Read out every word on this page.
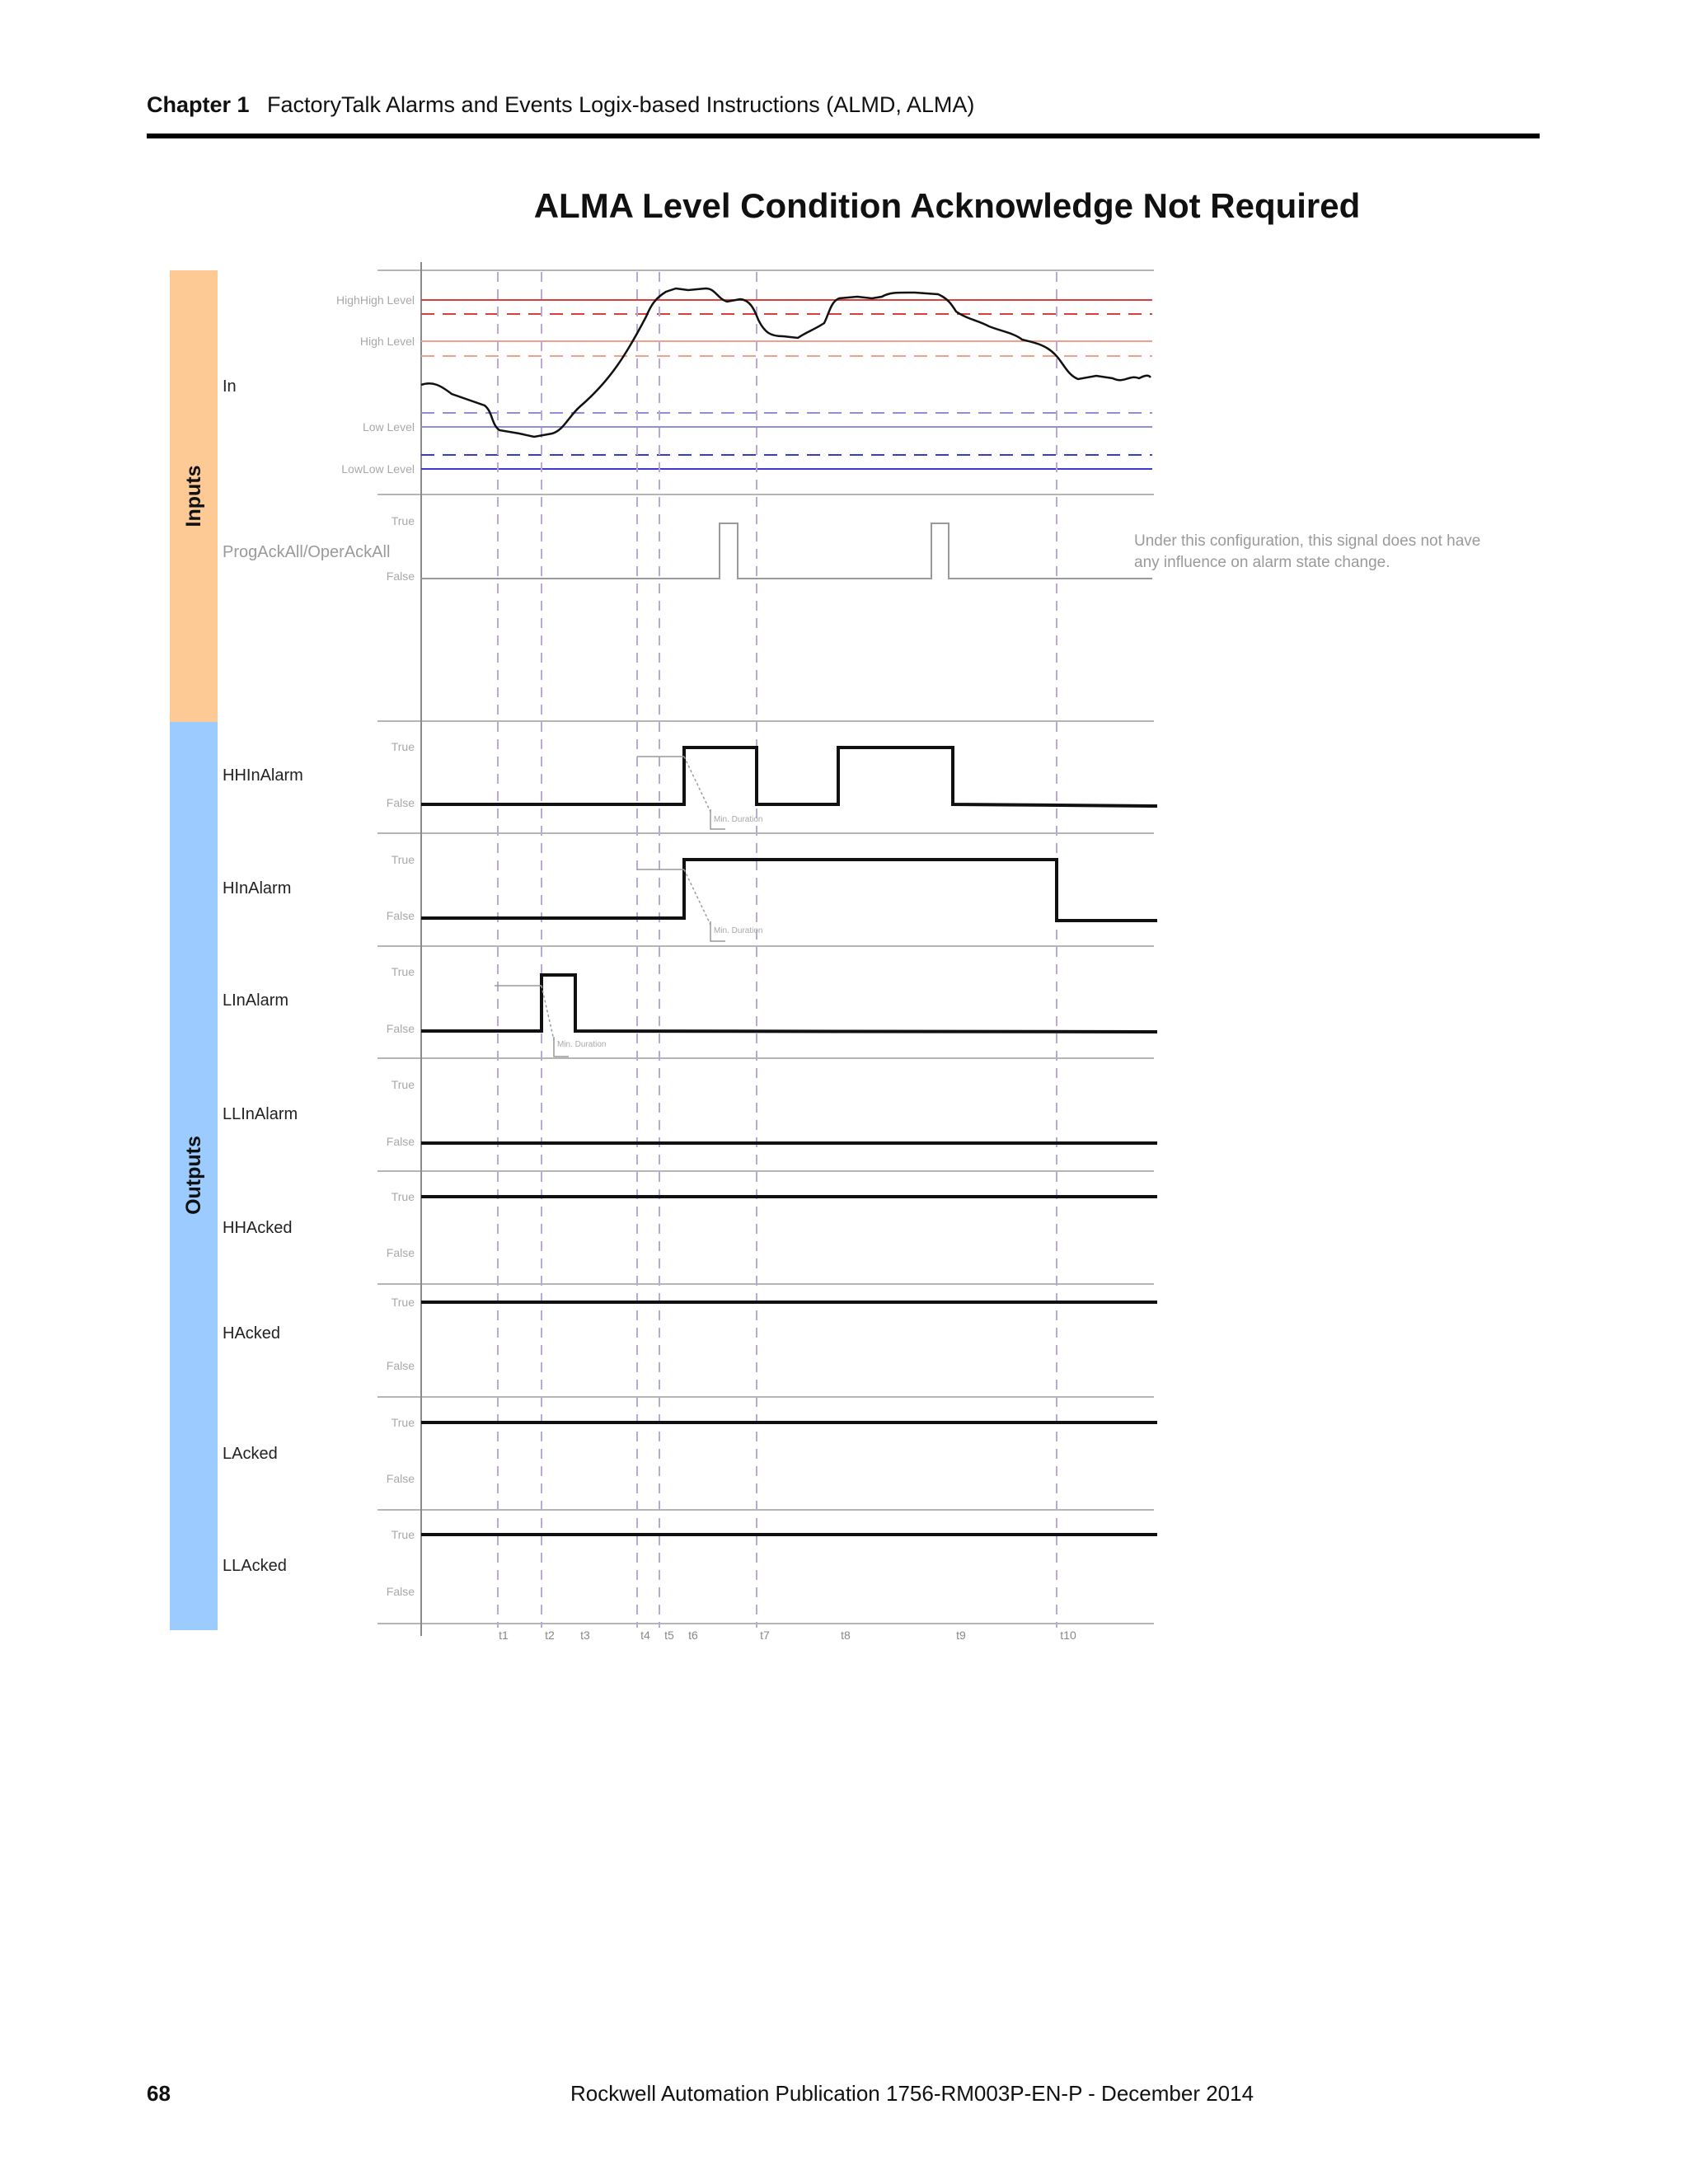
Chapter 1 FactoryTalk Alarms and Events Logix-based Instructions (ALMD, ALMA)
ALMA Level Condition Acknowledge Not Required
Inputs
Outputs
HighHigh Level
High Level
Low Level
LowLow Level
In
True
False
ProgAckAll/OperAckAll
Under this configuration, this signal does not have
any influence on alarm state change.
True
False
True
False
True
False
True
False
True
False
True
False
True
False
True
False
HHInAlarm
HInAlarm
LInAlarm
LLInAlarm
HHAcked
HAcked
LAcked
LLAcked
Min. Duration
Min. Duration
Min. Duration
t1	t2 t3	t4 t5 t6	t7	t8	t9	t10
68	Rockwell Automation Publication 1756-RM003P-EN-P - December 2014
